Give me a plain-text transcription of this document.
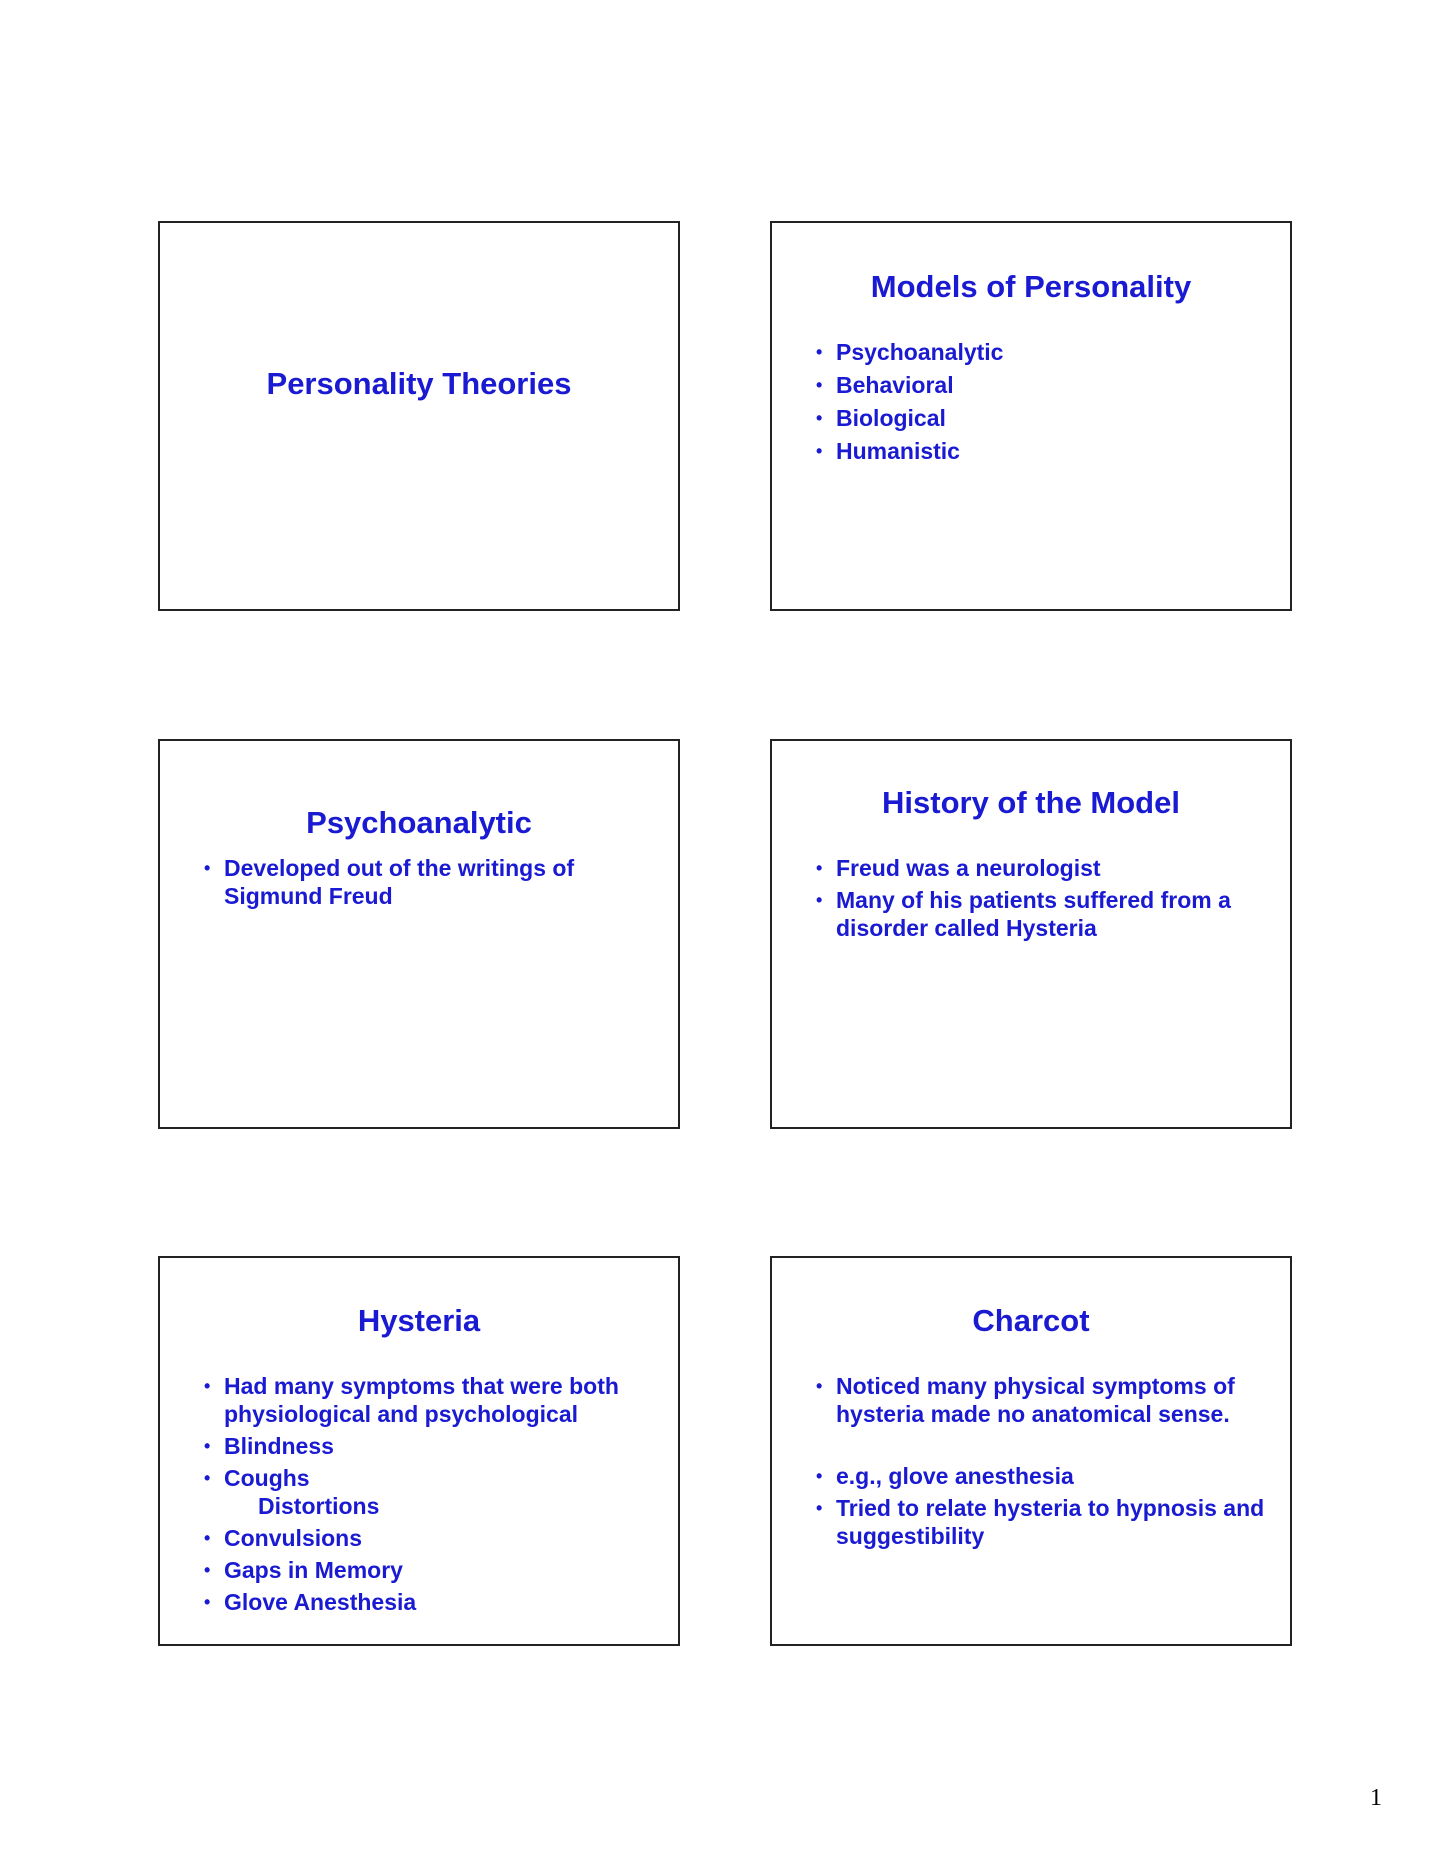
Personality Theories
Models of Personality
• Psychoanalytic
• Behavioral
• Biological
• Humanistic
Psychoanalytic
• Developed out of the writings of Sigmund Freud
History of the Model
• Freud was a neurologist
• Many of his patients suffered from a disorder called Hysteria
Hysteria
• Had many symptoms that were both physiological and psychological
• Blindness
• Coughs
Distortions
• Convulsions
• Gaps in Memory
• Glove Anesthesia
Charcot
• Noticed many physical symptoms of hysteria made no anatomical sense.
• e.g., glove anesthesia
• Tried to relate hysteria to hypnosis and suggestibility
1
